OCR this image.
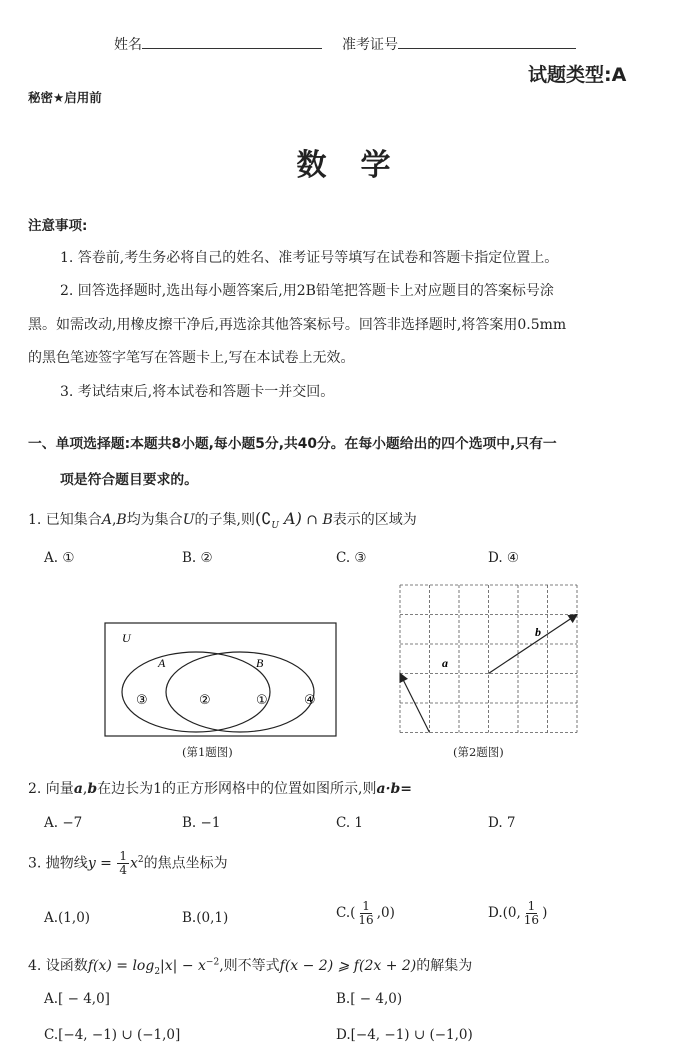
姓名	准考证号
试题类型:A
秘密★启用前
数　学
注意事项:
1. 答卷前,考生务必将自己的姓名、准考证号等填写在试卷和答题卡指定位置上。
2. 回答选择题时,选出每小题答案后,用2B铅笔把答题卡上对应题目的答案标号涂
黑。如需改动,用橡皮擦干净后,再选涂其他答案标号。回答非选择题时,将答案用0.5mm
的黑色笔迹签字笔写在答题卡上,写在本试卷上无效。
3. 考试结束后,将本试卷和答题卡一并交回。
一、单项选择题:本题共8小题,每小题5分,共40分。在每小题给出的四个选项中,只有一
项是符合题目要求的。
1. 已知集合A,B均为集合U的子集,则($∁_U$ A) ∩ B表示的区域为
A. ①	B. ②	C. ③	D. ④
U
A	B
③	②	①	④
(第1题图)
a
b
(第2题图)
2. 向量a,b在边长为1的正方形网格中的位置如图所示,则a·b=
A. −7	B. −1	C. 1	D. 7
3. 抛物线$y = \frac{1}{4} x^2$的焦点坐标为
A.(1,0)	B.(0,1)	$C.( \frac{1}{16} ,0)$	D.(0, $\frac{1}{16}$ )
4. 设函数$f(x) = \log_2|x| - x^{-2}$,则不等式f(x − 2) ⩾ f(2x + 2)的解集为
A.[ − 4,0]	B.[ − 4,0)
C.[−4, −1) ∪ (−1,0]	D.[−4, −1) ∪ (−1,0)
